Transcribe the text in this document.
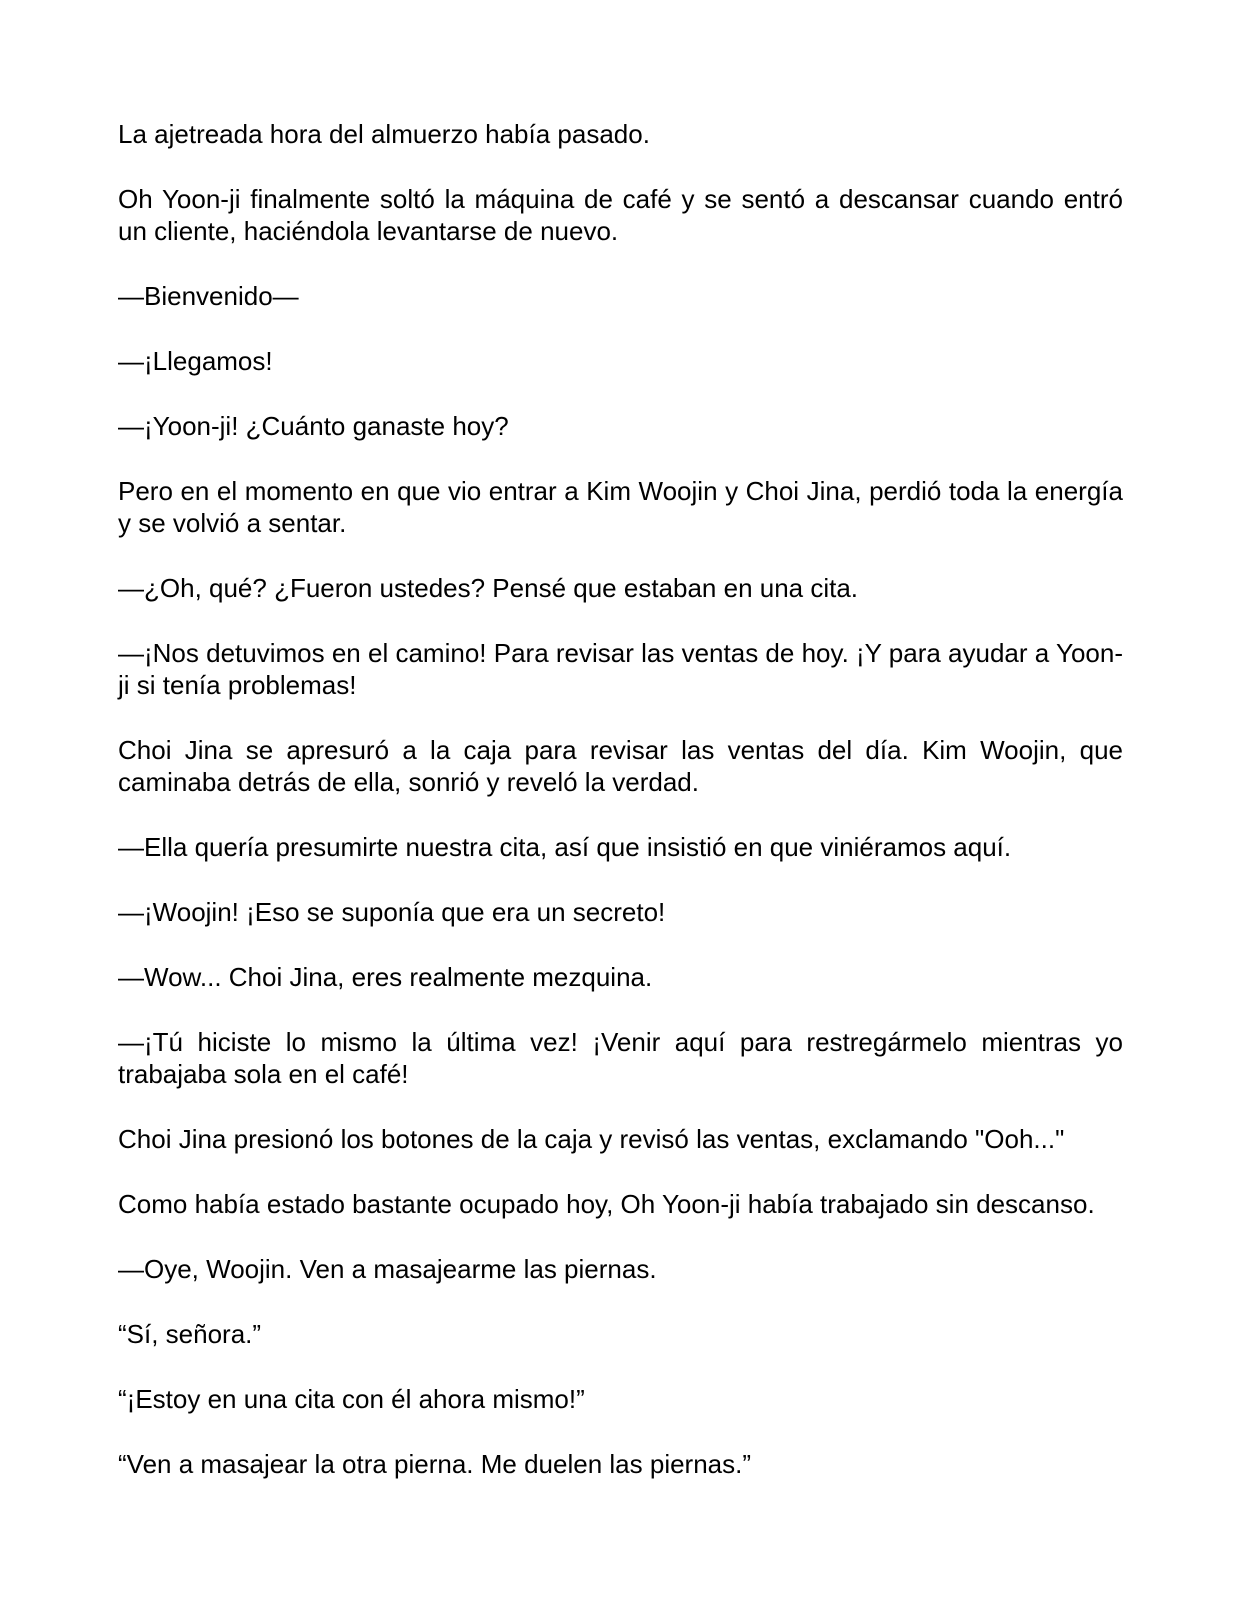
La ajetreada hora del almuerzo había pasado.

Oh Yoon-ji finalmente soltó la máquina de café y se sentó a descansar cuando entró un cliente, haciéndola levantarse de nuevo.

—Bienvenido—

—¡Llegamos!

—¡Yoon-ji! ¿Cuánto ganaste hoy?

Pero en el momento en que vio entrar a Kim Woojin y Choi Jina, perdió toda la energía y se volvió a sentar.

—¿Oh, qué? ¿Fueron ustedes? Pensé que estaban en una cita.

—¡Nos detuvimos en el camino! Para revisar las ventas de hoy. ¡Y para ayudar a Yoon-ji si tenía problemas!

Choi Jina se apresuró a la caja para revisar las ventas del día. Kim Woojin, que caminaba detrás de ella, sonrió y reveló la verdad.

—Ella quería presumirte nuestra cita, así que insistió en que viniéramos aquí.

—¡Woojin! ¡Eso se suponía que era un secreto!

—Wow... Choi Jina, eres realmente mezquina.

—¡Tú hiciste lo mismo la última vez! ¡Venir aquí para restregármelo mientras yo trabajaba sola en el café!

Choi Jina presionó los botones de la caja y revisó las ventas, exclamando "Ooh..."

Como había estado bastante ocupado hoy, Oh Yoon-ji había trabajado sin descanso.

—Oye, Woojin. Ven a masajearme las piernas.

“Sí, señora.”

“¡Estoy en una cita con él ahora mismo!”

“Ven a masajear la otra pierna. Me duelen las piernas.”
